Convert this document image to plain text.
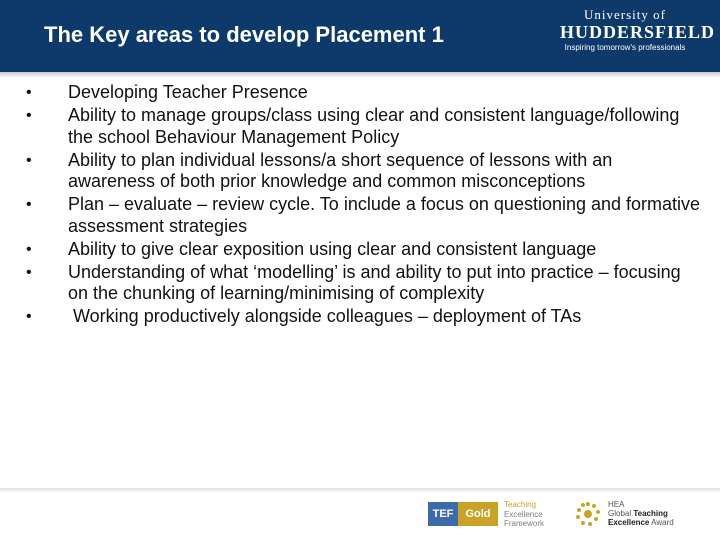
The Key areas to develop Placement 1
University of
HUDDERSFIELD
Inspiring tomorrow's professionals
• Developing Teacher Presence
• Ability to manage groups/class using clear and consistent language/following the school Behaviour Management Policy
• Ability to plan individual lessons/a short sequence of lessons with an awareness of both prior knowledge and common misconceptions
• Plan – evaluate – review cycle. To include a focus on questioning and formative assessment strategies
• Ability to give clear exposition using clear and consistent language
• Understanding of what ‘modelling’ is and ability to put into practice – focusing on the chunking of learning/minimising of complexity
• Working productively alongside colleagues – deployment of TAs
TEF	Gold
Teaching
Excellence
Framework
HEA
Global Teaching
Excellence Award
